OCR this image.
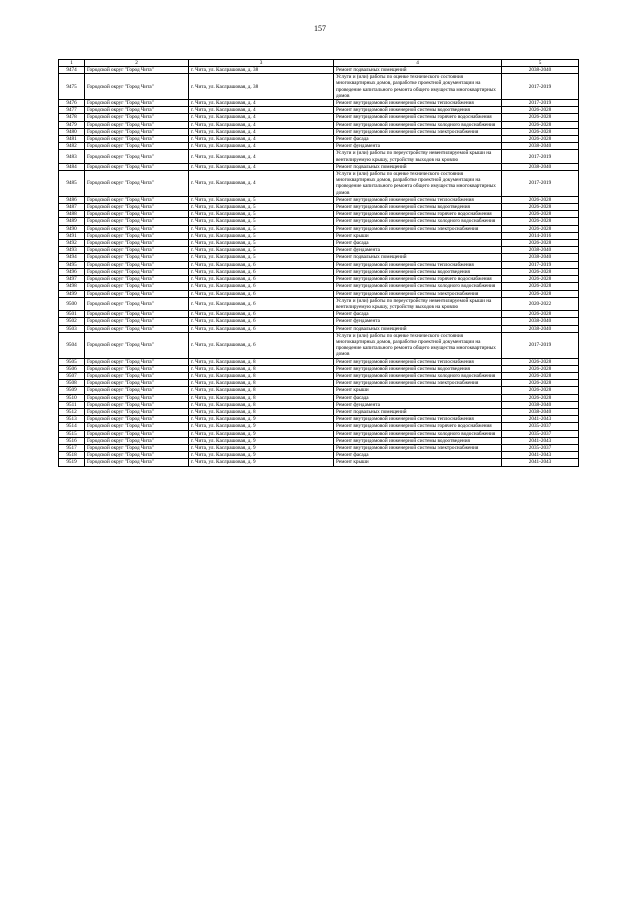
157
1	2	3	4	5
9474	Городской округ "Город Чита"	г. Чита, ул. Каслрашовая, д. 38	Ремонт подвальных помещений	2038-2040
9475	Городской округ "Город Чита"	г. Чита, ул. Каслрашовая, д. 38	Услуги и (или) работы по оценке технического состояния многоквартирных домов, разработке проектной документации на проведение капитального ремонта общего имущества многоквартирных домов	2017-2019
9476	Городской округ "Город Чита"	г. Чита, ул. Каслрашовая, д. 4	Ремонт внутридомовой инженерной системы теплоснабжения	2017-2019
9477	Городской округ "Город Чита"	г. Чита, ул. Каслрашовая, д. 4	Ремонт внутридомовой инженерной системы водоотведения	2026-2028
9478	Городской округ "Город Чита"	г. Чита, ул. Каслрашовая, д. 4	Ремонт внутридомовой инженерной системы горячего водоснабжения	2026-2028
9479	Городской округ "Город Чита"	г. Чита, ул. Каслрашовая, д. 4	Ремонт внутридомовой инженерной системы холодного водоснабжения	2026-2028
9480	Городской округ "Город Чита"	г. Чита, ул. Каслрашовая, д. 4	Ремонт внутридомовой инженерной системы электроснабжения	2026-2028
9481	Городской округ "Город Чита"	г. Чита, ул. Каслрашовая, д. 4	Ремонт фасада	2026-2028
9482	Городской округ "Город Чита"	г. Чита, ул. Каслрашовая, д. 4	Ремонт фундамента	2038-2040
9483	Городской округ "Город Чита"	г. Чита, ул. Каслрашовая, д. 4	Услуги и (или) работы по переустройству невентилируемой крыши на вентилируемую крышу, устройству выходов на кровлю	2017-2019
9484	Городской округ "Город Чита"	г. Чита, ул. Каслрашовая, д. 4	Ремонт подвальных помещений	2038-2040
9485	Городской округ "Город Чита"	г. Чита, ул. Каслрашовая, д. 4	Услуги и (или) работы по оценке технического состояния многоквартирных домов, разработке проектной документации на проведение капитального ремонта общего имущества многоквартирных домов	2017-2019
9486	Городской округ "Город Чита"	г. Чита, ул. Каслрашовая, д. 5	Ремонт внутридомовой инженерной системы теплоснабжения	2026-2028
9487	Городской округ "Город Чита"	г. Чита, ул. Каслрашовая, д. 5	Ремонт внутридомовой инженерной системы водоотведения	2026-2028
9488	Городской округ "Город Чита"	г. Чита, ул. Каслрашовая, д. 5	Ремонт внутридомовой инженерной системы горячего водоснабжения	2026-2028
9489	Городской округ "Город Чита"	г. Чита, ул. Каслрашовая, д. 5	Ремонт внутридомовой инженерной системы холодного водоснабжения	2026-2028
9490	Городской округ "Город Чита"	г. Чита, ул. Каслрашовая, д. 5	Ремонт внутридомовой инженерной системы электроснабжения	2026-2028
9491	Городской округ "Город Чита"	г. Чита, ул. Каслрашовая, д. 5	Ремонт крыши	2014-2016
9492	Городской округ "Город Чита"	г. Чита, ул. Каслрашовая, д. 5	Ремонт фасада	2026-2028
9493	Городской округ "Город Чита"	г. Чита, ул. Каслрашовая, д. 5	Ремонт фундамента	2038-2040
9494	Городской округ "Город Чита"	г. Чита, ул. Каслрашовая, д. 5	Ремонт подвальных помещений	2038-2040
9495	Городской округ "Город Чита"	г. Чита, ул. Каслрашовая, д. 6	Ремонт внутридомовой инженерной системы теплоснабжения	2017-2019
9496	Городской округ "Город Чита"	г. Чита, ул. Каслрашовая, д. 6	Ремонт внутридомовой инженерной системы водоотведения	2026-2028
9497	Городской округ "Город Чита"	г. Чита, ул. Каслрашовая, д. 6	Ремонт внутридомовой инженерной системы горячего водоснабжения	2026-2028
9498	Городской округ "Город Чита"	г. Чита, ул. Каслрашовая, д. 6	Ремонт внутридомовой инженерной системы холодного водоснабжения	2026-2028
9499	Городской округ "Город Чита"	г. Чита, ул. Каслрашовая, д. 6	Ремонт внутридомовой инженерной системы электроснабжения	2026-2028
9500	Городской округ "Город Чита"	г. Чита, ул. Каслрашовая, д. 6	Услуги и (или) работы по переустройству невентилируемой крыши на вентилируемую крышу, устройству выходов на кровлю	2020-2022
9501	Городской округ "Город Чита"	г. Чита, ул. Каслрашовая, д. 6	Ремонт фасада	2026-2028
9502	Городской округ "Город Чита"	г. Чита, ул. Каслрашовая, д. 6	Ремонт фундамента	2038-2040
9503	Городской округ "Город Чита"	г. Чита, ул. Каслрашовая, д. 6	Ремонт подвальных помещений	2038-2040
9504	Городской округ "Город Чита"	г. Чита, ул. Каслрашовая, д. 6	Услуги и (или) работы по оценке технического состояния многоквартирных домов, разработке проектной документации на проведение капитального ремонта общего имущества многоквартирных домов	2017-2019
9505	Городской округ "Город Чита"	г. Чита, ул. Каслрашовая, д. 8	Ремонт внутридомовой инженерной системы теплоснабжения	2026-2028
9506	Городской округ "Город Чита"	г. Чита, ул. Каслрашовая, д. 8	Ремонт внутридомовой инженерной системы водоотведения	2026-2028
9507	Городской округ "Город Чита"	г. Чита, ул. Каслрашовая, д. 8	Ремонт внутридомовой инженерной системы холодного водоснабжения	2026-2028
9508	Городской округ "Город Чита"	г. Чита, ул. Каслрашовая, д. 8	Ремонт внутридомовой инженерной системы электроснабжения	2026-2028
9509	Городской округ "Город Чита"	г. Чита, ул. Каслрашовая, д. 8	Ремонт крыши	2026-2028
9510	Городской округ "Город Чита"	г. Чита, ул. Каслрашовая, д. 8	Ремонт фасада	2026-2028
9511	Городской округ "Город Чита"	г. Чита, ул. Каслрашовая, д. 8	Ремонт фундамента	2038-2040
9512	Городской округ "Город Чита"	г. Чита, ул. Каслрашовая, д. 8	Ремонт подвальных помещений	2038-2040
9513	Городской округ "Город Чита"	г. Чита, ул. Каслрашовая, д. 9	Ремонт внутридомовой инженерной системы теплоснабжения	2041-2043
9514	Городской округ "Город Чита"	г. Чита, ул. Каслрашовая, д. 9	Ремонт внутридомовой инженерной системы горячего водоснабжения	2035-2037
9515	Городской округ "Город Чита"	г. Чита, ул. Каслрашовая, д. 9	Ремонт внутридомовой инженерной системы холодного водоснабжения	2035-2037
9516	Городской округ "Город Чита"	г. Чита, ул. Каслрашовая, д. 9	Ремонт внутридомовой инженерной системы водоотведения	2041-2043
9517	Городской округ "Город Чита"	г. Чита, ул. Каслрашовая, д. 9	Ремонт внутридомовой инженерной системы электроснабжения	2035-2037
9518	Городской округ "Город Чита"	г. Чита, ул. Каслрашовая, д. 9	Ремонт фасада	2041-2043
9519	Городской округ "Город Чита"	г. Чита, ул. Каслрашовая, д. 9	Ремонт крыши	2041-2043
